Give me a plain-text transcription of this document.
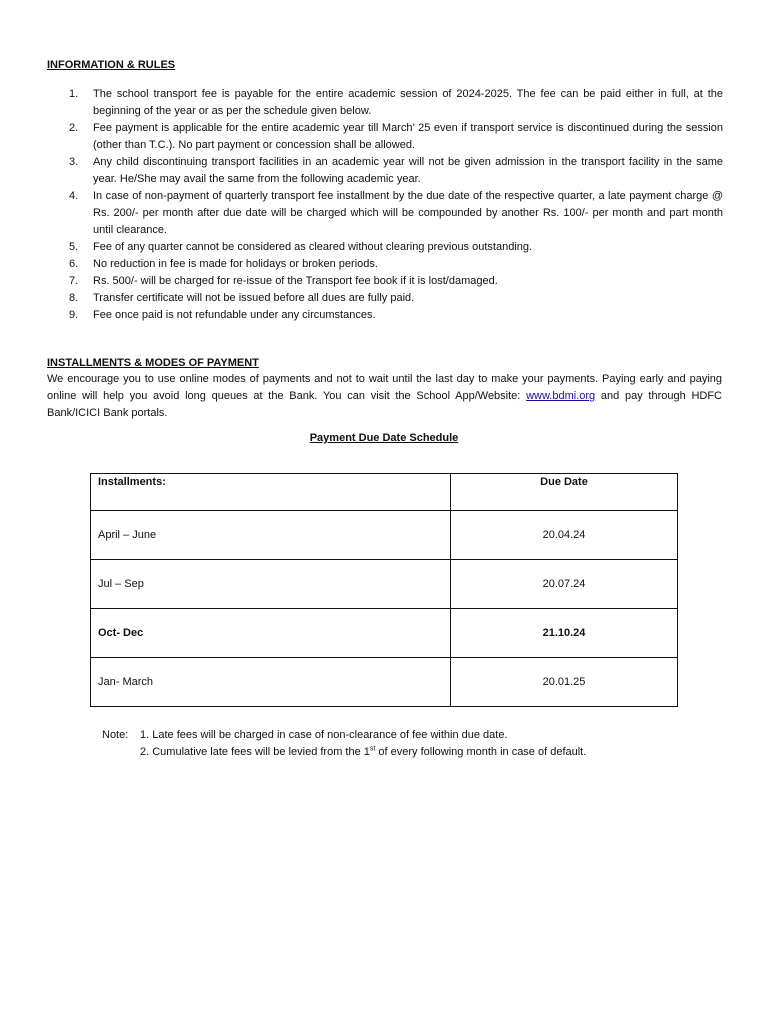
INFORMATION & RULES

1. The school transport fee is payable for the entire academic session of 2024-2025. The fee can be paid either in full, at the beginning of the year or as per the schedule given below.
2. Fee payment is applicable for the entire academic year till March’ 25 even if transport service is discontinued during the session (other than T.C.). No part payment or concession shall be allowed.
3. Any child discontinuing transport facilities in an academic year will not be given admission in the transport facility in the same year. He/She may avail the same from the following academic year.
4. In case of non-payment of quarterly transport fee installment by the due date of the respective quarter, a late payment charge @ Rs. 200/- per month after due date will be charged which will be compounded by another Rs. 100/- per month and part month until clearance.
5. Fee of any quarter cannot be considered as cleared without clearing previous outstanding.
6. No reduction in fee is made for holidays or broken periods.
7. Rs. 500/- will be charged for re-issue of the Transport fee book if it is lost/damaged.
8. Transfer certificate will not be issued before all dues are fully paid.
9. Fee once paid is not refundable under any circumstances.

INSTALLMENTS & MODES OF PAYMENT

We encourage you to use online modes of payments and not to wait until the last day to make your payments. Paying early and paying online will help you avoid long queues at the Bank. You can visit the School App/Website: www.bdmi.org and pay through HDFC Bank/ICICI Bank portals.

Payment Due Date Schedule

Installments:	Due Date
April – June	20.04.24
Jul – Sep	20.07.24
Oct- Dec	21.10.24
Jan- March	20.01.25
Note: 1. Late fees will be charged in case of non-clearance of fee within due date.
2. Cumulative late fees will be levied from the 1st of every following month in case of default.
